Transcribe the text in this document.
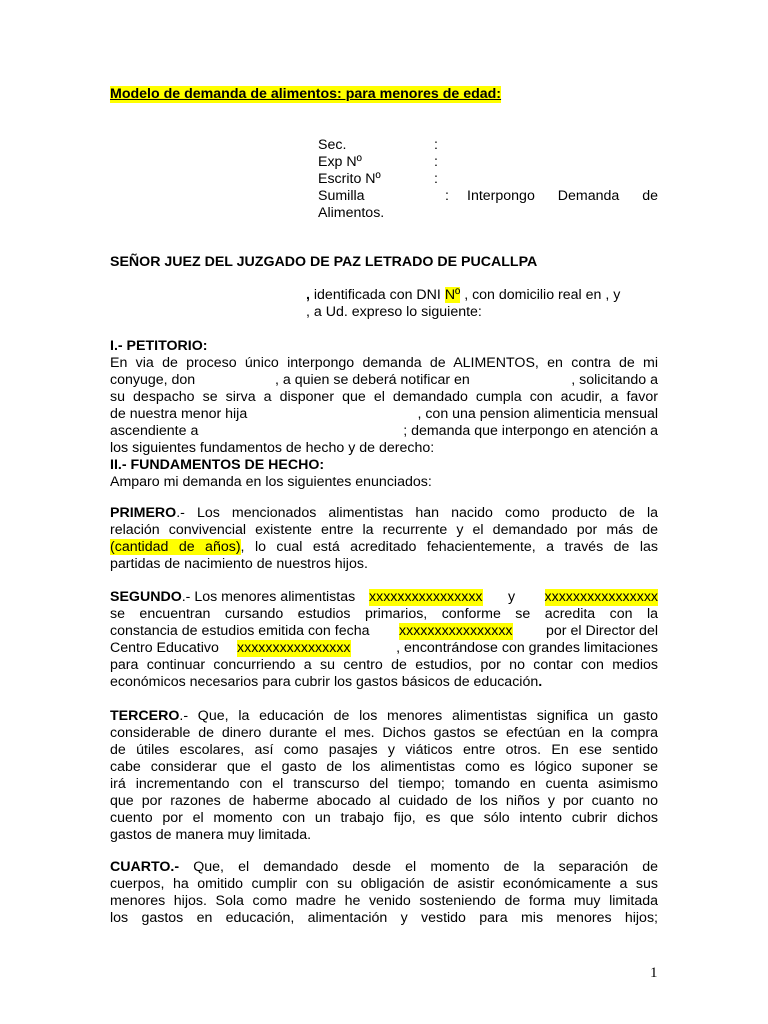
Modelo de demanda de alimentos: para menores de edad:
Sec.	:
Exp Nº	:
Escrito Nº	:
Sumilla	: Interpongo Demanda de
Alimentos.
SEÑOR JUEZ DEL JUZGADO DE PAZ LETRADO DE PUCALLPA
, identificada con DNI Nº , con domicilio real en , y
, a Ud. expreso lo siguiente:
I.- PETITORIO:
En via de proceso único interpongo demanda de ALIMENTOS, en contra de mi
conyuge, don	, a quien se deberá notificar en	, solicitando a
su despacho se sirva a disponer que el demandado cumpla con acudir, a favor
de nuestra menor hija	, con una pension alimenticia mensual
ascendiente a	; demanda que interpongo en atención a
los siguientes fundamentos de hecho y de derecho:
II.- FUNDAMENTOS DE HECHO:
Amparo mi demanda en los siguientes enunciados:
PRIMERO.- Los mencionados alimentistas han nacido como producto de la
relación convivencial existente entre la recurrente y el demandado por más de
(cantidad de años), lo cual está acreditado fehacientemente, a través de las
partidas de nacimiento de nuestros hijos.
SEGUNDO.- Los menores alimentistas xxxxxxxxxxxxxxxx y xxxxxxxxxxxxxxxx
se encuentran cursando estudios primarios, conforme se acredita con la
constancia de estudios emitida con fecha xxxxxxxxxxxxxxxx por el Director del
Centro Educativo xxxxxxxxxxxxxxxx	, encontrándose con grandes limitaciones
para continuar concurriendo a su centro de estudios, por no contar con medios
económicos necesarios para cubrir los gastos básicos de educación.
TERCERO.- Que, la educación de los menores alimentistas significa un gasto
considerable de dinero durante el mes. Dichos gastos se efectúan en la compra
de útiles escolares, así como pasajes y viáticos entre otros. En ese sentido
cabe considerar que el gasto de los alimentistas como es lógico suponer se
irá incrementando con el transcurso del tiempo; tomando en cuenta asimismo
que por razones de haberme abocado al cuidado de los niños y por cuanto no
cuento por el momento con un trabajo fijo, es que sólo intento cubrir dichos
gastos de manera muy limitada.
CUARTO.- Que, el demandado desde el momento de la separación de
cuerpos, ha omitido cumplir con su obligación de asistir económicamente a sus
menores hijos. Sola como madre he venido sosteniendo de forma muy limitada
los gastos en educación, alimentación y vestido para mis menores hijos;
1
